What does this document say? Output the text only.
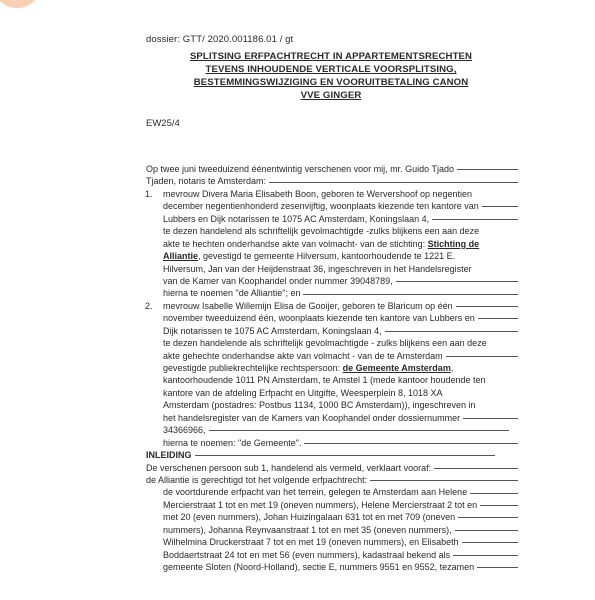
dossier: GTT/ 2020.001186.01 / gt
SPLITSING ERFPACHTRECHT IN APPARTEMENTSRECHTEN
TEVENS INHOUDENDE VERTICALE VOORSPLITSING,
BESTEMMINGSWIJZIGING EN VOORUITBETALING CANON
VVE GINGER
EW25/4
Op twee juni tweeduizend éénentwintig verschenen voor mij, mr. Guido Tjado
Tjaden, notaris te Amsterdam:
1.	mevrouw Divera Maria Elisabeth Boon, geboren te Wervershoof op negentien
december negentienhonderd zesenvijftig, woonplaats kiezende ten kantore van
Lubbers en Dijk notarissen te 1075 AC Amsterdam, Koningslaan 4,
te dezen handelend als schriftelijk gevolmachtigde -zulks blijkens een aan deze
akte te hechten onderhandse akte van volmacht- van de stichting: Stichting de
Alliantie, gevestigd te gemeente Hilversum, kantoorhoudende te 1221 E.
Hilversum, Jan van der Heijdenstraat 36, ingeschreven in het Handelsregister
van de Kamer van Koophandel onder nummer 39048789,
hierna te noemen "de Alliantie"; en
2.	mevrouw Isabelle Willemijn Elisa de Gooijer, geboren te Blaricum op één
november tweeduizend één, woonplaats kiezende ten kantore van Lubbers en
Dijk notarissen te 1075 AC Amsterdam, Koningslaan 4,
te dezen handelende als schriftelijk gevolmachtigde - zulks blijkens een aan deze
akte gehechte onderhandse akte van volmacht - van de te Amsterdam
gevestigde publiekrechtelijke rechtspersoon: de Gemeente Amsterdam,
kantoorhoudende 1011 PN Amsterdam, te Amstel 1 (mede kantoor houdende ten
kantore van de afdeling Erfpacht en Uitgifte, Weesperplein 8, 1018 XA
Amsterdam (postadres: Postbus 1134, 1000 BC Amsterdam)), ingeschreven in
het handelsregister van de Kamers van Koophandel onder dossiernummer
34366966,
hierna te noemen: "de Gemeente".
INLEIDING
De verschenen persoon sub 1, handelend als vermeld, verklaart vooraf:
de Alliantie is gerechtigd tot het volgende erfpachtrecht:
de voortdurende erfpacht van het terrein, gelegen te Amsterdam aan Helene
Mercierstraat 1 tot en met 19 (oneven nummers), Helene Mercierstraat 2 tot en
met 20 (even nummers), Johan Huizingalaan 631 tot en met 709 (oneven
nummers), Johanna Reynvaanstraat 1 tot en met 35 (oneven nummers),
Wilhelmina Druckerstraat 7 tot en met 19 (oneven nummers), en Elisabeth
Boddaertstraat 24 tot en met 56 (even nummers), kadastraal bekend als
gemeente Sloten (Noord-Holland), sectie E, nummers 9551 en 9552, tezamen
